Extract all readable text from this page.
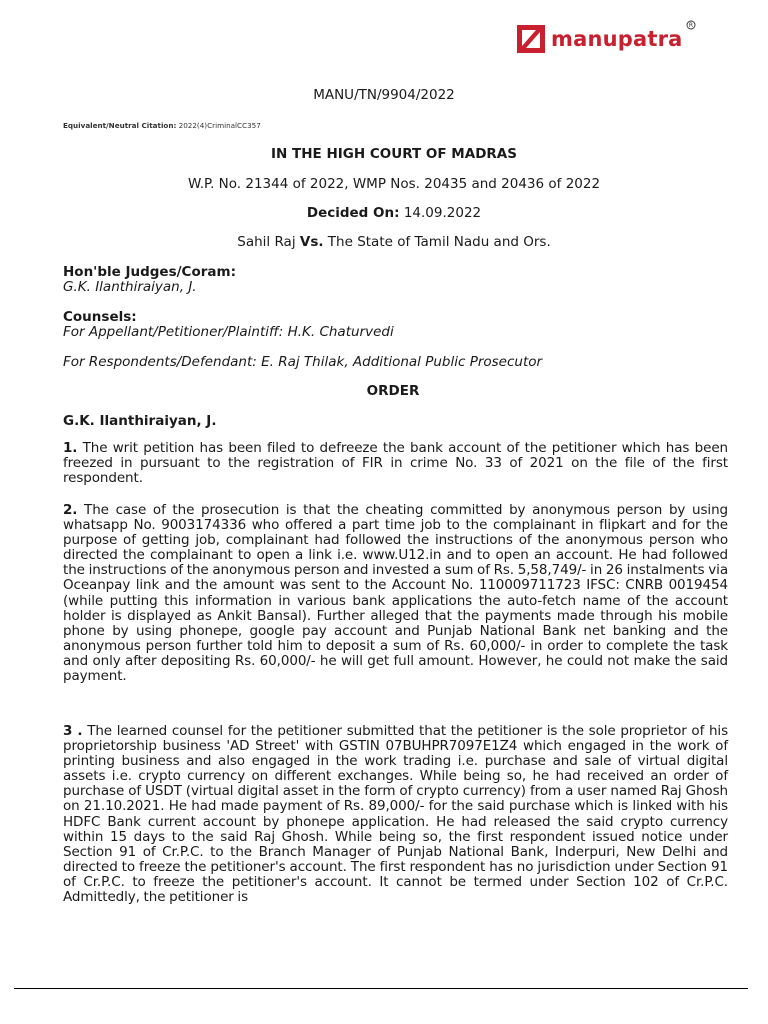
manupatra
R
MANU/TN/9904/2022
Equivalent/Neutral Citation: 2022(4)CriminalCC357
IN THE HIGH COURT OF MADRAS
W.P. No. 21344 of 2022, WMP Nos. 20435 and 20436 of 2022
Decided On: 14.09.2022
Sahil Raj Vs. The State of Tamil Nadu and Ors.
Hon'ble Judges/Coram:
G.K. Ilanthiraiyan, J.
Counsels:
For Appellant/Petitioner/Plaintiff: H.K. Chaturvedi
For Respondents/Defendant: E. Raj Thilak, Additional Public Prosecutor
ORDER
G.K. Ilanthiraiyan, J.
1. The writ petition has been filed to defreeze the bank account of the petitioner which has been freezed in pursuant to the registration of FIR in crime No. 33 of 2021 on the file of the first respondent.
2. The case of the prosecution is that the cheating committed by anonymous person by using whatsapp No. 9003174336 who offered a part time job to the complainant in flipkart and for the purpose of getting job, complainant had followed the instructions of the anonymous person who directed the complainant to open a link i.e. www.U12.in and to open an account. He had followed the instructions of the anonymous person and invested a sum of Rs. 5,58,749/- in 26 instalments via Oceanpay link and the amount was sent to the Account No. 110009711723 IFSC: CNRB 0019454 (while putting this information in various bank applications the auto-fetch name of the account holder is displayed as Ankit Bansal). Further alleged that the payments made through his mobile phone by using phonepe, google pay account and Punjab National Bank net banking and the anonymous person further told him to deposit a sum of Rs. 60,000/- in order to complete the task and only after depositing Rs. 60,000/- he will get full amount. However, he could not make the said payment.
3 . The learned counsel for the petitioner submitted that the petitioner is the sole proprietor of his proprietorship business 'AD Street' with GSTIN 07BUHPR7097E1Z4 which engaged in the work of printing business and also engaged in the work trading i.e. purchase and sale of virtual digital assets i.e. crypto currency on different exchanges. While being so, he had received an order of purchase of USDT (virtual digital asset in the form of crypto currency) from a user named Raj Ghosh on 21.10.2021. He had made payment of Rs. 89,000/- for the said purchase which is linked with his HDFC Bank current account by phonepe application. He had released the said crypto currency within 15 days to the said Raj Ghosh. While being so, the first respondent issued notice under Section 91 of Cr.P.C. to the Branch Manager of Punjab National Bank, Inderpuri, New Delhi and directed to freeze the petitioner's account. The first respondent has no jurisdiction under Section 91 of Cr.P.C. to freeze the petitioner's account. It cannot be termed under Section 102 of Cr.P.C. Admittedly, the petitioner is
